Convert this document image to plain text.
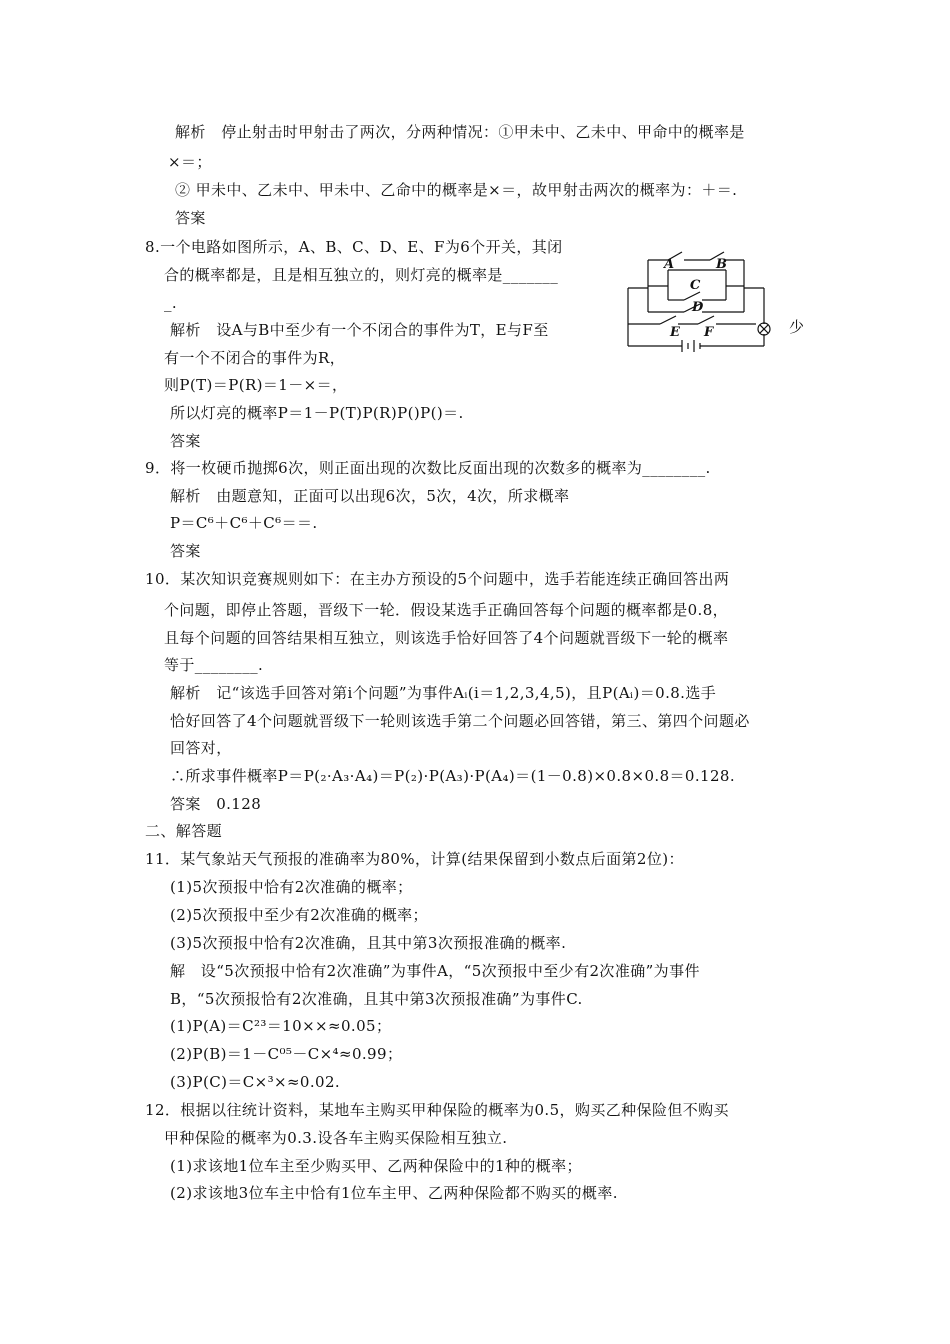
解析　停止射击时甲射击了两次，分两种情况：①甲未中、乙未中、甲命中的概率是
×＝；
② 甲未中、乙未中、甲未中、乙命中的概率是×＝，故甲射击两次的概率为：＋＝.
答案
8.一个电路如图所示，A、B、C、D、E、F为6个开关，其闭
合的概率都是，且是相互独立的，则灯亮的概率是_______
_.
解析　设A与B中至少有一个不闭合的事件为T，E与F至
有一个不闭合的事件为R，
则P(T)＝P(R)＝1－×＝，
所以灯亮的概率P＝1－P(T)P(R)P()P()＝.
答案
A	B
C
D
E F	少
9．将一枚硬币抛掷6次，则正面出现的次数比反面出现的次数多的概率为________.
解析　由题意知，正面可以出现6次，5次，4次，所求概率
P＝C⁶＋C⁶＋C⁶＝＝.
答案
10．某次知识竞赛规则如下：在主办方预设的5个问题中，选手若能连续正确回答出两
个问题，即停止答题，晋级下一轮．假设某选手正确回答每个问题的概率都是0.8，
且每个问题的回答结果相互独立，则该选手恰好回答了4个问题就晋级下一轮的概率
等于________.
解析　记“该选手回答对第i个问题”为事件Aᵢ(i＝1,2,3,4,5)，且P(Aᵢ)＝0.8.选手
恰好回答了4个问题就晋级下一轮则该选手第二个问题必回答错，第三、第四个问题必
回答对，
∴所求事件概率P＝P(₂·A₃·A₄)＝P(₂)·P(A₃)·P(A₄)＝(1－0.8)×0.8×0.8＝0.128.
答案　0.128
二、解答题
11．某气象站天气预报的准确率为80%，计算(结果保留到小数点后面第2位)：
(1)5次预报中恰有2次准确的概率；
(2)5次预报中至少有2次准确的概率；
(3)5次预报中恰有2次准确，且其中第3次预报准确的概率.
解　设“5次预报中恰有2次准确”为事件A，“5次预报中至少有2次准确”为事件
B，“5次预报恰有2次准确，且其中第3次预报准确”为事件C.
(1)P(A)＝C²³＝10××≈0.05；
(2)P(B)＝1－C⁰⁵－C×⁴≈0.99；
(3)P(C)＝C×³×≈0.02.
12．根据以往统计资料，某地车主购买甲种保险的概率为0.5，购买乙种保险但不购买
甲种保险的概率为0.3.设各车主购买保险相互独立.
(1)求该地1位车主至少购买甲、乙两种保险中的1种的概率；
(2)求该地3位车主中恰有1位车主甲、乙两种保险都不购买的概率.
